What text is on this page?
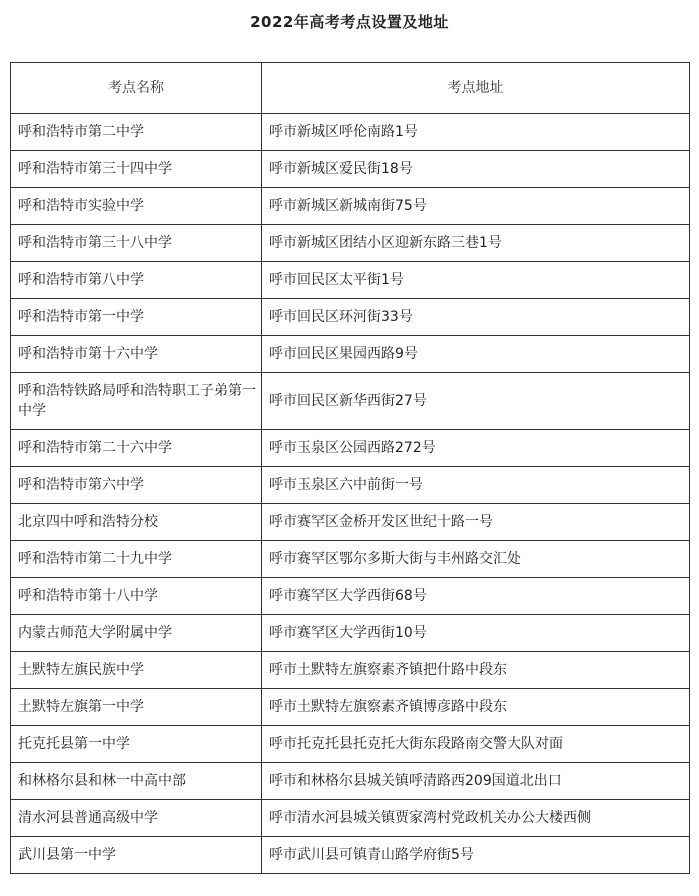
2022年高考考点设置及地址
考点名称	考点地址
呼和浩特市第二中学	呼市新城区呼伦南路1号
呼和浩特市第三十四中学	呼市新城区爱民街18号
呼和浩特市实验中学	呼市新城区新城南街75号
呼和浩特市第三十八中学	呼市新城区团结小区迎新东路三巷1号
呼和浩特市第八中学	呼市回民区太平街1号
呼和浩特市第一中学	呼市回民区环河街33号
呼和浩特市第十六中学	呼市回民区果园西路9号
呼和浩特铁路局呼和浩特职工子弟第一中学	呼市回民区新华西街27号
呼和浩特市第二十六中学	呼市玉泉区公园西路272号
呼和浩特市第六中学	呼市玉泉区六中前街一号
北京四中呼和浩特分校	呼市赛罕区金桥开发区世纪十路一号
呼和浩特市第二十九中学	呼市赛罕区鄂尔多斯大街与丰州路交汇处
呼和浩特市第十八中学	呼市赛罕区大学西街68号
内蒙古师范大学附属中学	呼市赛罕区大学西街10号
土默特左旗民族中学	呼市土默特左旗察素齐镇把什路中段东
土默特左旗第一中学	呼市土默特左旗察素齐镇博彦路中段东
托克托县第一中学	呼市托克托县托克托大街东段路南交警大队对面
和林格尔县和林一中高中部	呼市和林格尔县城关镇呼清路西209国道北出口
清水河县普通高级中学	呼市清水河县城关镇贾家湾村党政机关办公大楼西侧
武川县第一中学	呼市武川县可镇青山路学府街5号
